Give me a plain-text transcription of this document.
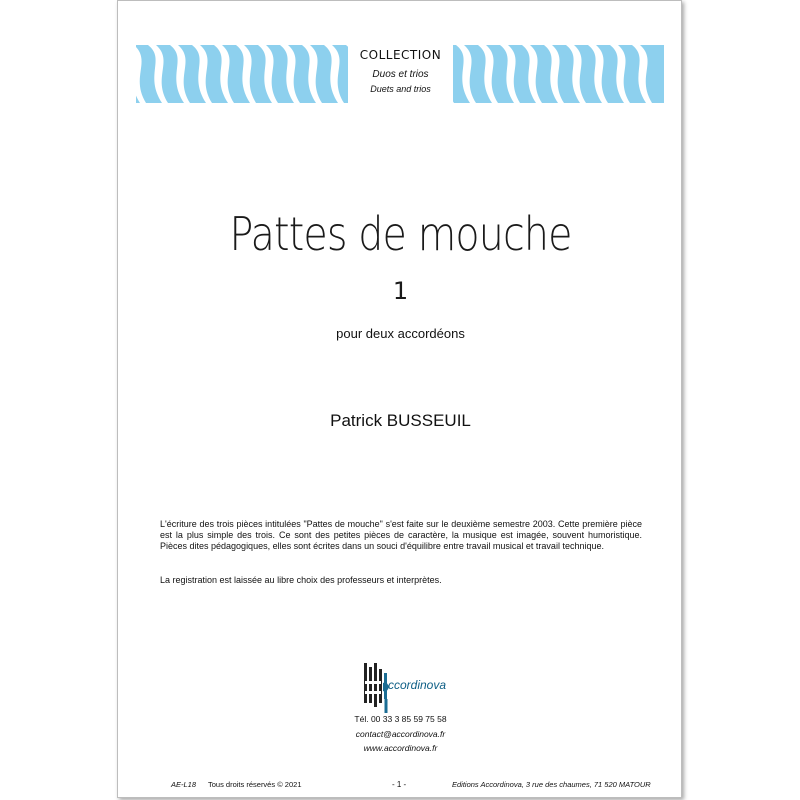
COLLECTION
Duos et trios
Duets and trios
Pattes de mouche
1
pour deux accordéons
Patrick BUSSEUIL

L'écriture des trois pièces intitulées "Pattes de mouche" s'est faite sur le deuxième semestre 2003. Cette première pièce est la plus simple des trois. Ce sont des petites pièces de caractère, la musique est imagée, souvent humoristique. Pièces dites pédagogiques, elles sont écrites dans un souci d'équilibre entre travail musical et travail technique.

La registration est laissée au libre choix des professeurs et interprètes.

ccordinova
Tél. 00 33 3 85 59 75 58
contact@accordinova.fr
www.accordinova.fr
AE-L18 Tous droits réservés © 2021	- 1 -	Editions Accordinova, 3 rue des chaumes, 71 520 MATOUR
